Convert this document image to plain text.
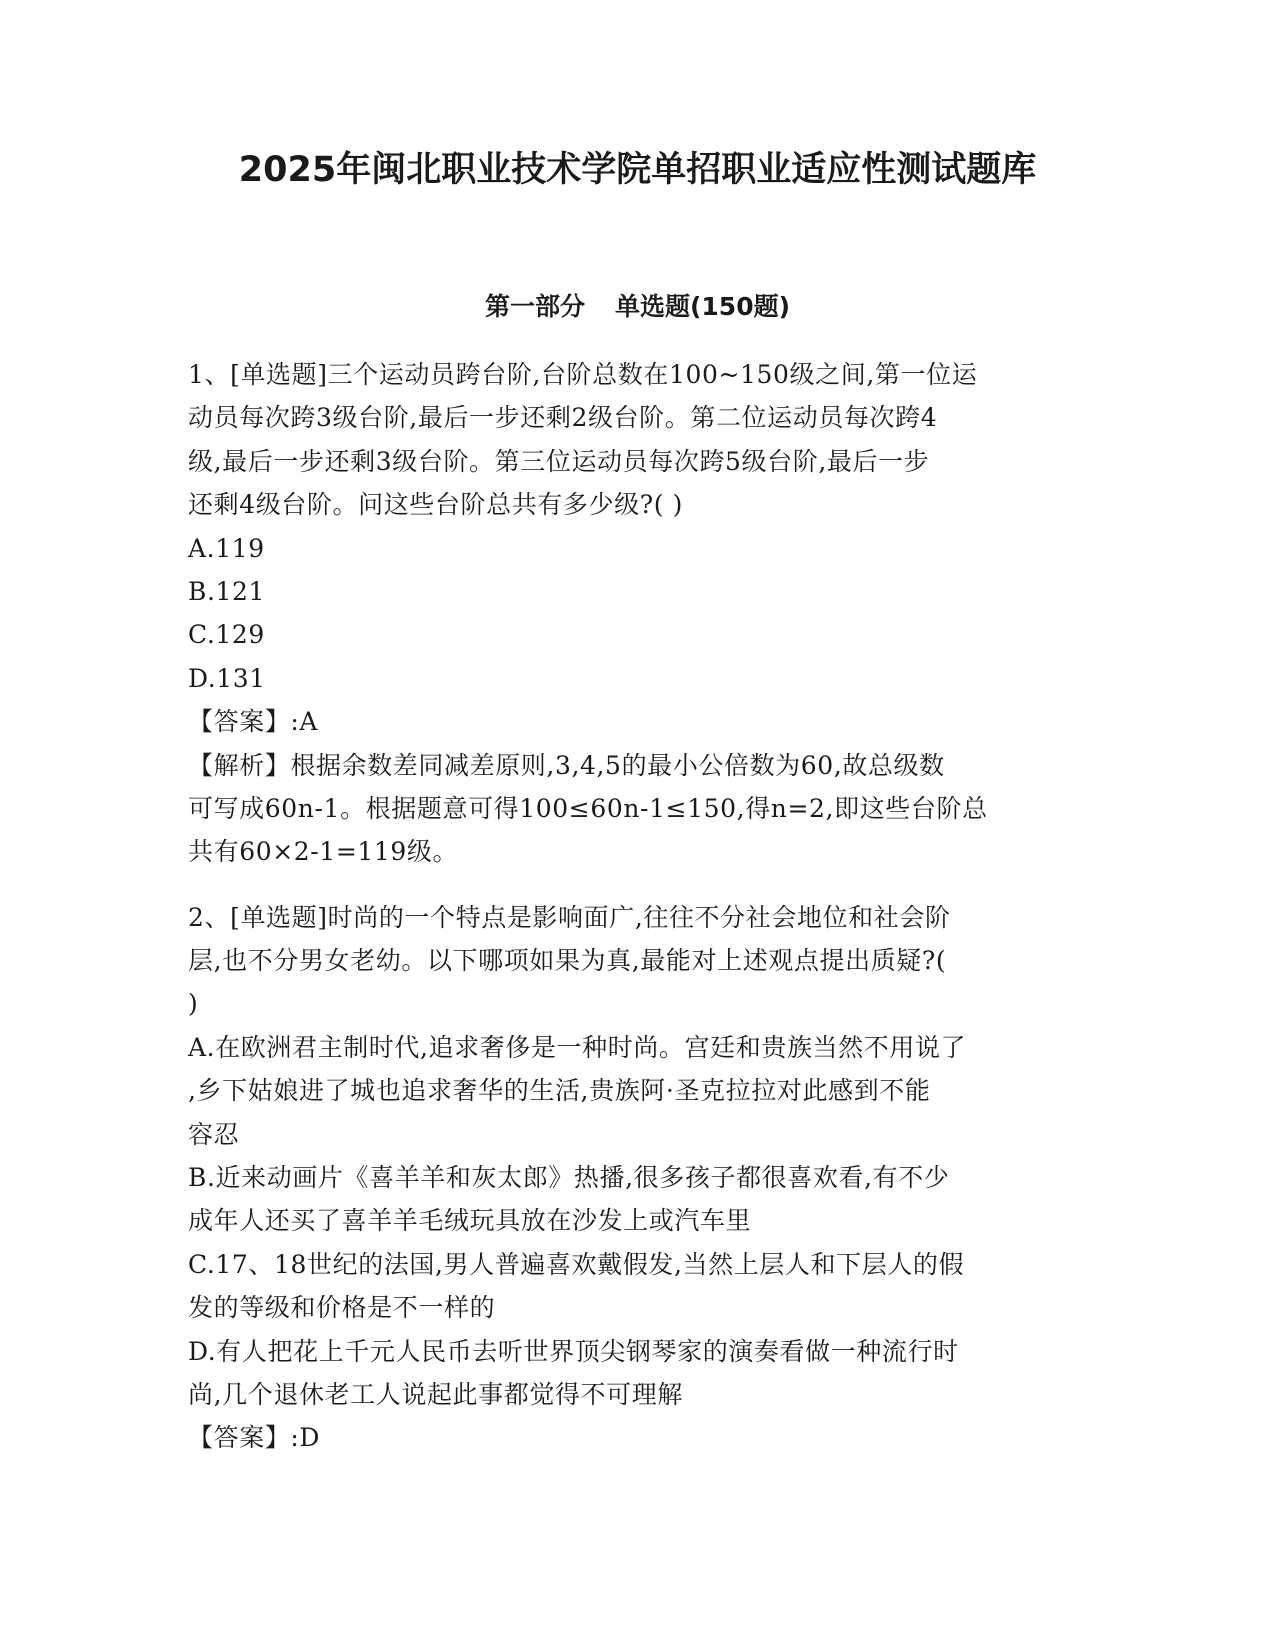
2025年闽北职业技术学院单招职业适应性测试题库
第一部分 单选题(150题)
1、[单选题]三个运动员跨台阶,台阶总数在100~150级之间,第一位运
动员每次跨3级台阶,最后一步还剩2级台阶。第二位运动员每次跨4
级,最后一步还剩3级台阶。第三位运动员每次跨5级台阶,最后一步
还剩4级台阶。问这些台阶总共有多少级?( )
A.119
B.121
C.129
D.131
【答案】:A
【解析】根据余数差同减差原则,3,4,5的最小公倍数为60,故总级数
可写成60n-1。根据题意可得100≤60n-1≤150,得n=2,即这些台阶总
共有60×2-1=119级。
2、[单选题]时尚的一个特点是影响面广,往往不分社会地位和社会阶
层,也不分男女老幼。以下哪项如果为真,最能对上述观点提出质疑?(
)
A.在欧洲君主制时代,追求奢侈是一种时尚。宫廷和贵族当然不用说了
,乡下姑娘进了城也追求奢华的生活,贵族阿·圣克拉拉对此感到不能
容忍
B.近来动画片《喜羊羊和灰太郎》热播,很多孩子都很喜欢看,有不少
成年人还买了喜羊羊毛绒玩具放在沙发上或汽车里
C.17、18世纪的法国,男人普遍喜欢戴假发,当然上层人和下层人的假
发的等级和价格是不一样的
D.有人把花上千元人民币去听世界顶尖钢琴家的演奏看做一种流行时
尚,几个退休老工人说起此事都觉得不可理解
【答案】:D
